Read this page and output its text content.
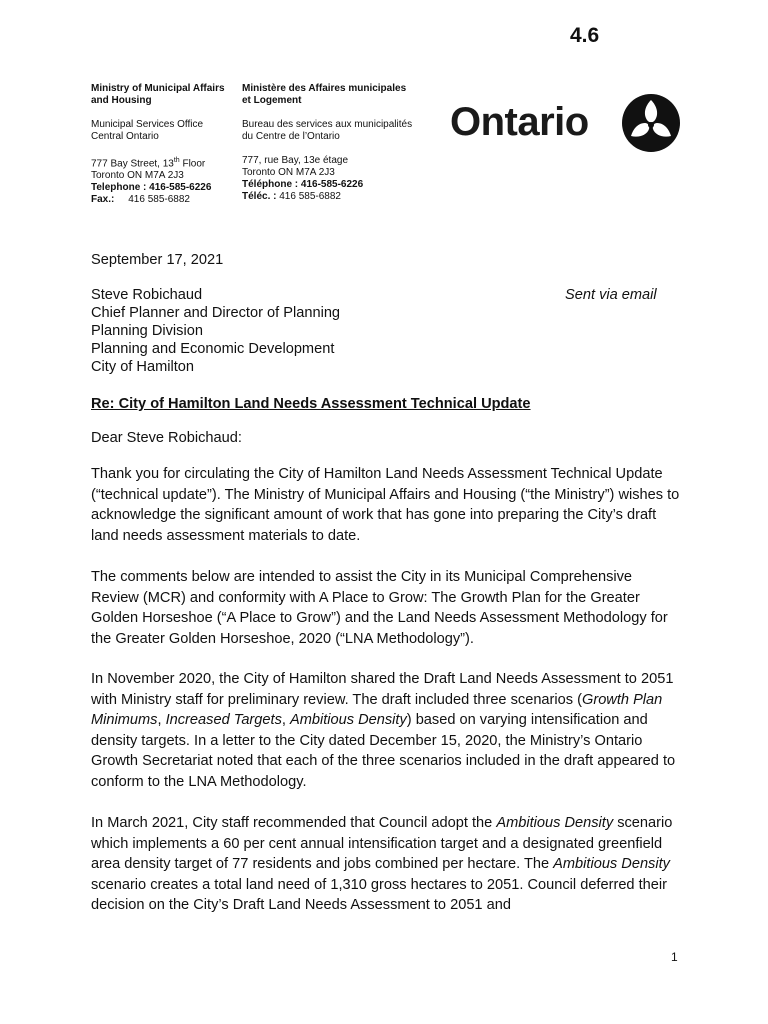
4.6
Ministry of Municipal Affairs
and Housing
Municipal Services Office
Central Ontario
777 Bay Street, 13th Floor
Toronto ON M7A 2J3
Telephone : 416-585-6226
Fax.: 416 585-6882
Ministère des Affaires municipales
et Logement
Bureau des services aux municipalités
du Centre de l’Ontario
777, rue Bay, 13e étage
Toronto ON M7A 2J3
Téléphone : 416-585-6226
Téléc. : 416 585-6882
Ontario
September 17, 2021
Sent via email
Steve Robichaud
Chief Planner and Director of Planning
Planning Division
Planning and Economic Development
City of Hamilton
Re: City of Hamilton Land Needs Assessment Technical Update
Dear Steve Robichaud:

Thank you for circulating the City of Hamilton Land Needs Assessment Technical Update (“technical update”). The Ministry of Municipal Affairs and Housing (“the Ministry”) wishes to acknowledge the significant amount of work that has gone into preparing the City’s draft land needs assessment materials to date.

The comments below are intended to assist the City in its Municipal Comprehensive Review (MCR) and conformity with A Place to Grow: The Growth Plan for the Greater Golden Horseshoe (“A Place to Grow”) and the Land Needs Assessment Methodology for the Greater Golden Horseshoe, 2020 (“LNA Methodology”).

In November 2020, the City of Hamilton shared the Draft Land Needs Assessment to 2051 with Ministry staff for preliminary review. The draft included three scenarios (Growth Plan Minimums, Increased Targets, Ambitious Density) based on varying intensification and density targets. In a letter to the City dated December 15, 2020, the Ministry’s Ontario Growth Secretariat noted that each of the three scenarios included in the draft appeared to conform to the LNA Methodology.

In March 2021, City staff recommended that Council adopt the Ambitious Density scenario which implements a 60 per cent annual intensification target and a designated greenfield area density target of 77 residents and jobs combined per hectare. The Ambitious Density scenario creates a total land need of 1,310 gross hectares to 2051. Council deferred their decision on the City’s Draft Land Needs Assessment to 2051 and

1
